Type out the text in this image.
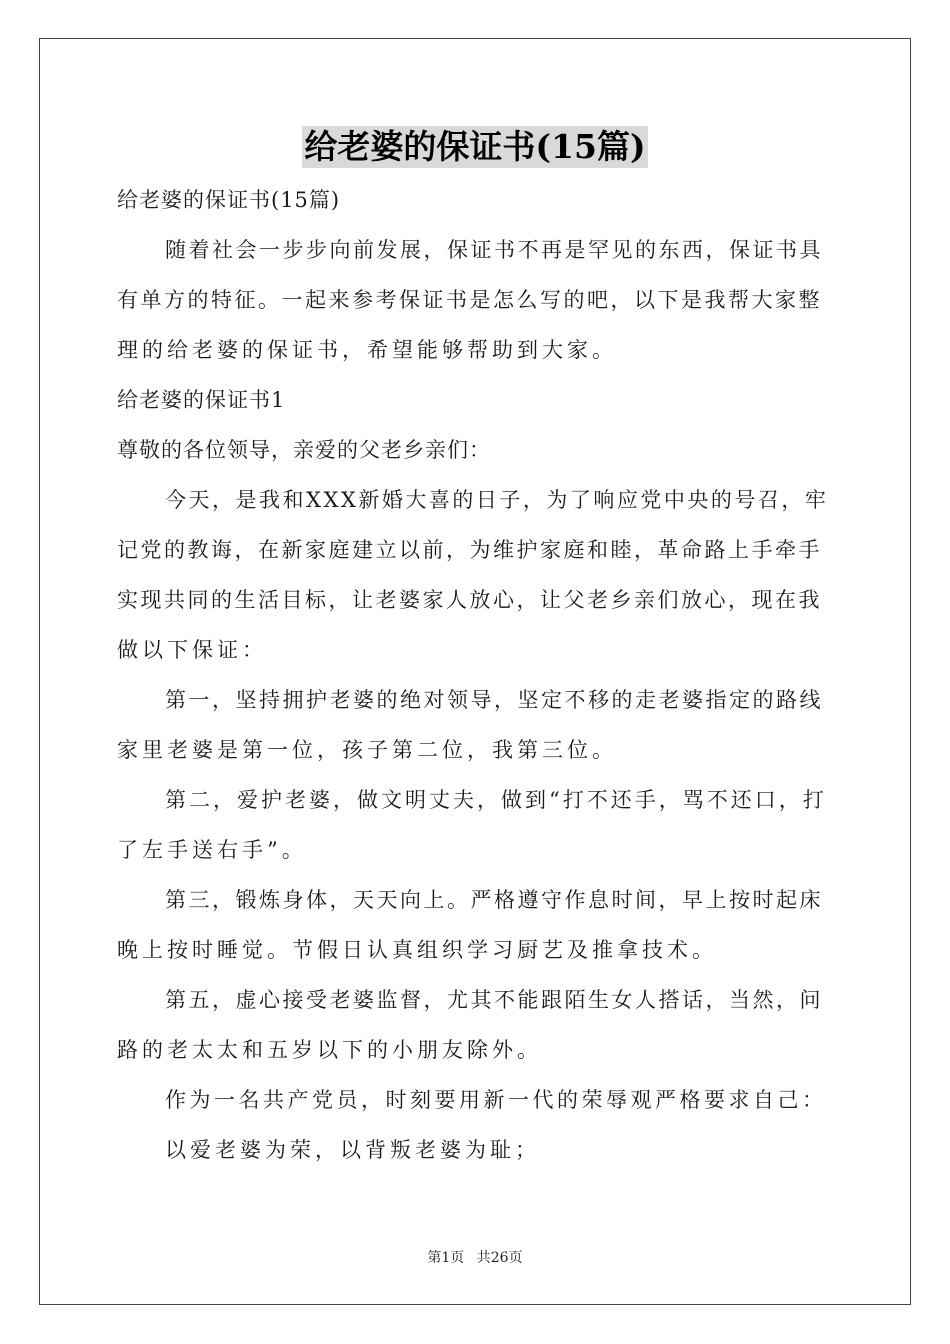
给老婆的保证书(15篇)
给老婆的保证书(15篇)
随着社会一步步向前发展，保证书不再是罕见的东西，保证书具
有单方的特征。一起来参考保证书是怎么写的吧，以下是我帮大家整
理的给老婆的保证书，希望能够帮助到大家。
给老婆的保证书1
尊敬的各位领导，亲爱的父老乡亲们：
今天，是我和XXX新婚大喜的日子，为了响应党中央的号召，牢
记党的教诲，在新家庭建立以前，为维护家庭和睦，革命路上手牵手
实现共同的生活目标，让老婆家人放心，让父老乡亲们放心，现在我
做以下保证：
第一，坚持拥护老婆的绝对领导，坚定不移的走老婆指定的路线
家里老婆是第一位，孩子第二位，我第三位。
第二，爱护老婆，做文明丈夫，做到“打不还手，骂不还口，打
了左手送右手”。
第三，锻炼身体，天天向上。严格遵守作息时间，早上按时起床
晚上按时睡觉。节假日认真组织学习厨艺及推拿技术。
第五，虚心接受老婆监督，尤其不能跟陌生女人搭话，当然，问
路的老太太和五岁以下的小朋友除外。
作为一名共产党员，时刻要用新一代的荣辱观严格要求自己：
以爱老婆为荣，以背叛老婆为耻；
第1页 共26页
